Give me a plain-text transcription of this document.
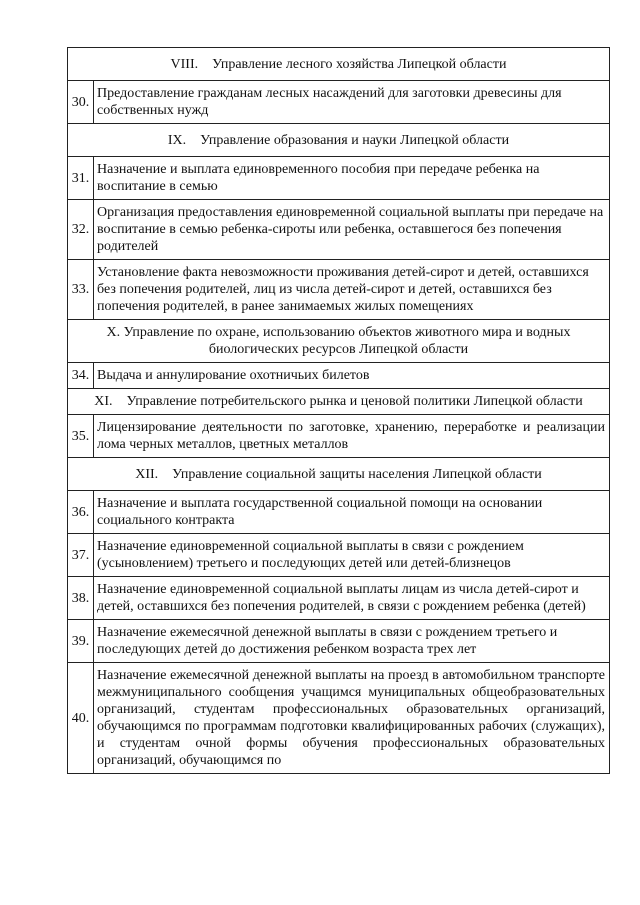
VIII. Управление лесного хозяйства Липецкой области	
30.	Предоставление гражданам лесных насаждений для заготовки древесины для собственных нужд
IX. Управление образования и науки Липецкой области	
31.	Назначение и выплата единовременного пособия при передаче ребенка на воспитание в семью
32.	Организация предоставления единовременной социальной выплаты при передаче на воспитание в семью ребенка-сироты или ребенка, оставшегося без попечения родителей
33.	Установление факта невозможности проживания детей-сирот и детей, оставшихся без попечения родителей, лиц из числа детей-сирот и детей, оставшихся без попечения родителей, в ранее занимаемых жилых помещениях
X. Управление по охране, использованию объектов животного мира и водных биологических ресурсов Липецкой области	
34.	Выдача и аннулирование охотничьих билетов
XI. Управление потребительского рынка и ценовой политики Липецкой области	
35.	Лицензирование деятельности по заготовке, хранению, переработке и реализации лома черных металлов, цветных металлов
XII. Управление социальной защиты населения Липецкой области	
36.	Назначение и выплата государственной социальной помощи на основании социального контракта
37.	Назначение единовременной социальной выплаты в связи с рождением (усыновлением) третьего и последующих детей или детей-близнецов
38.	Назначение единовременной социальной выплаты лицам из числа детей-сирот и детей, оставшихся без попечения родителей, в связи с рождением ребенка (детей)
39.	Назначение ежемесячной денежной выплаты в связи с рождением третьего и последующих детей до достижения ребенком возраста трех лет
40.	Назначение ежемесячной денежной выплаты на проезд в автомобильном транспорте межмуниципального сообщения учащимся муниципальных общеобразовательных организаций, студентам профессиональных образовательных организаций, обучающимся по программам подготовки квалифицированных рабочих (служащих), и студентам очной формы обучения профессиональных образовательных организаций, обучающимся по
